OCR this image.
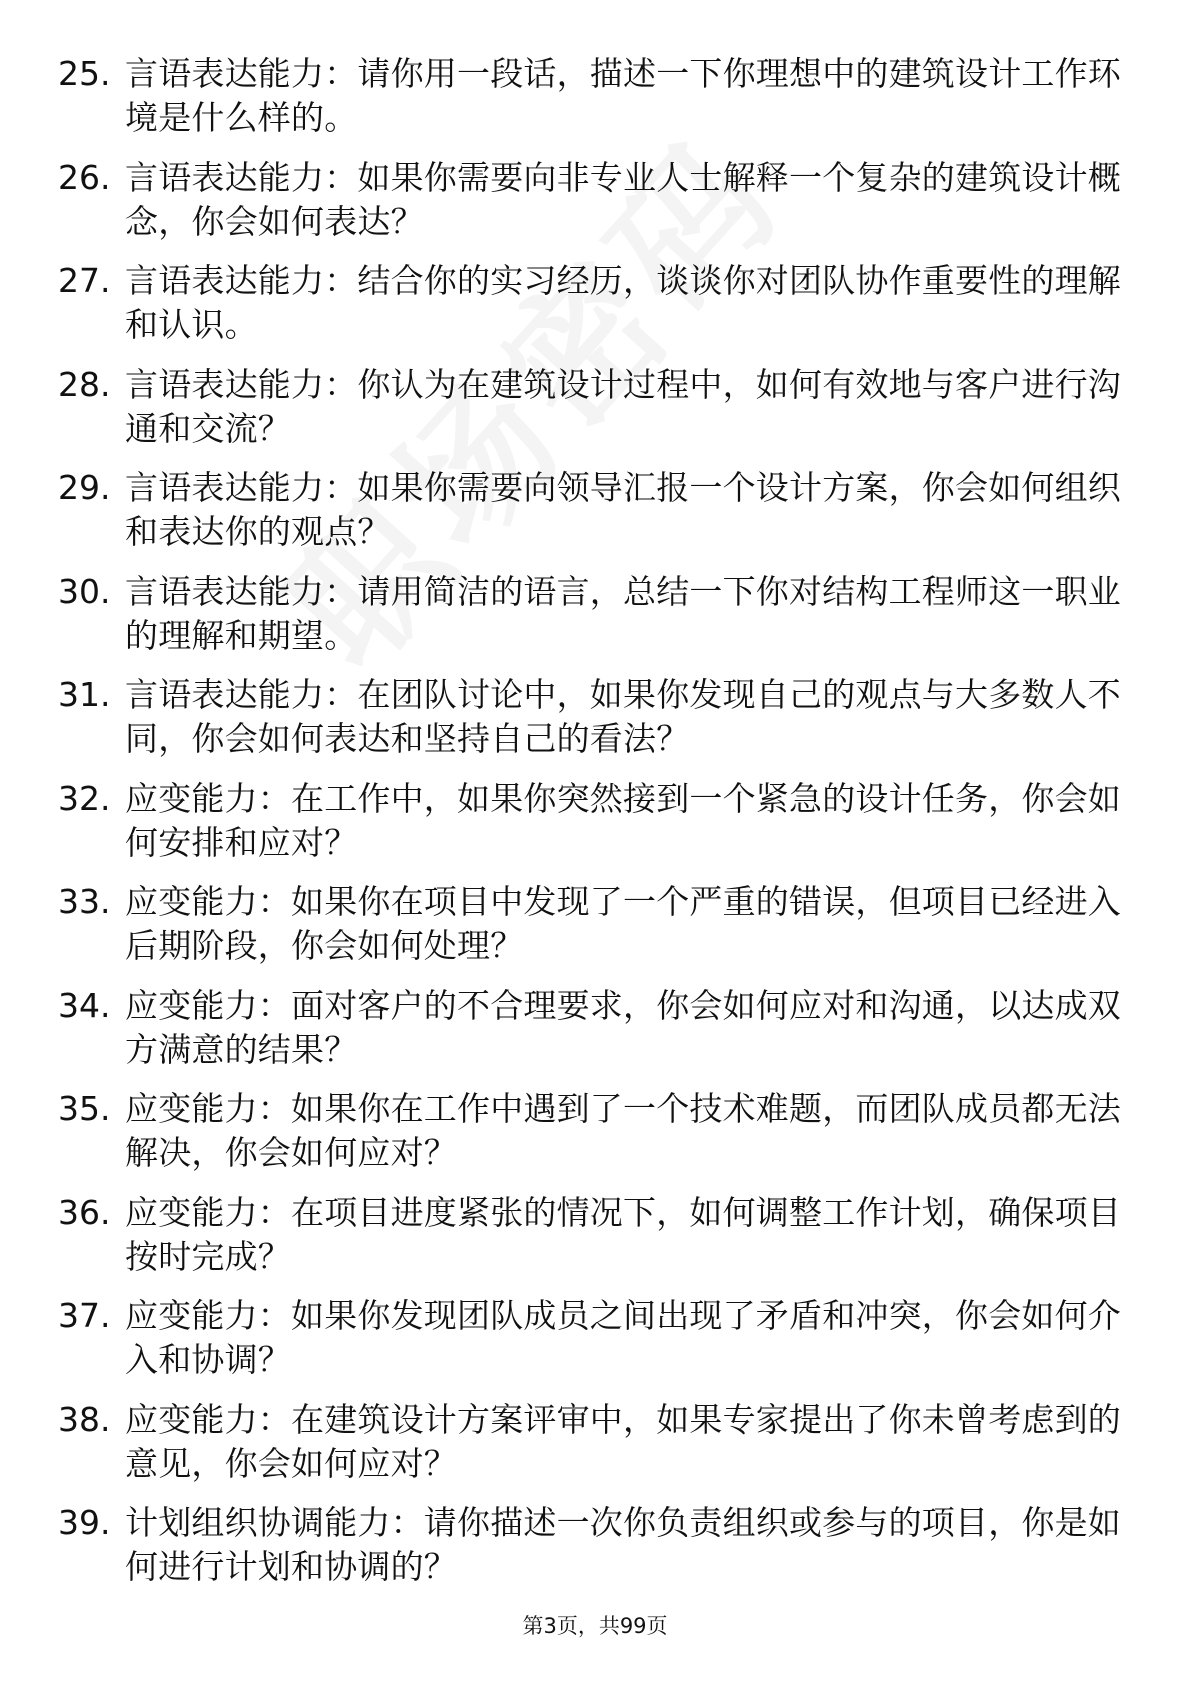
25. 言语表达能力：请你用一段话，描述一下你理想中的建筑设计工作环境是什么样的。
26. 言语表达能力：如果你需要向非专业人士解释一个复杂的建筑设计概念，你会如何表达？
27. 言语表达能力：结合你的实习经历，谈谈你对团队协作重要性的理解和认识。
28. 言语表达能力：你认为在建筑设计过程中，如何有效地与客户进行沟通和交流？
29. 言语表达能力：如果你需要向领导汇报一个设计方案，你会如何组织和表达你的观点？
30. 言语表达能力：请用简洁的语言，总结一下你对结构工程师这一职业的理解和期望。
31. 言语表达能力：在团队讨论中，如果你发现自己的观点与大多数人不同，你会如何表达和坚持自己的看法？
32. 应变能力：在工作中，如果你突然接到一个紧急的设计任务，你会如何安排和应对？
33. 应变能力：如果你在项目中发现了一个严重的错误，但项目已经进入后期阶段，你会如何处理？
34. 应变能力：面对客户的不合理要求，你会如何应对和沟通，以达成双方满意的结果？
35. 应变能力：如果你在工作中遇到了一个技术难题，而团队成员都无法解决，你会如何应对？
36. 应变能力：在项目进度紧张的情况下，如何调整工作计划，确保项目按时完成？
37. 应变能力：如果你发现团队成员之间出现了矛盾和冲突，你会如何介入和协调？
38. 应变能力：在建筑设计方案评审中，如果专家提出了你未曾考虑到的意见，你会如何应对？
39. 计划组织协调能力：请你描述一次你负责组织或参与的项目，你是如何进行计划和协调的？
第3页，共99页
